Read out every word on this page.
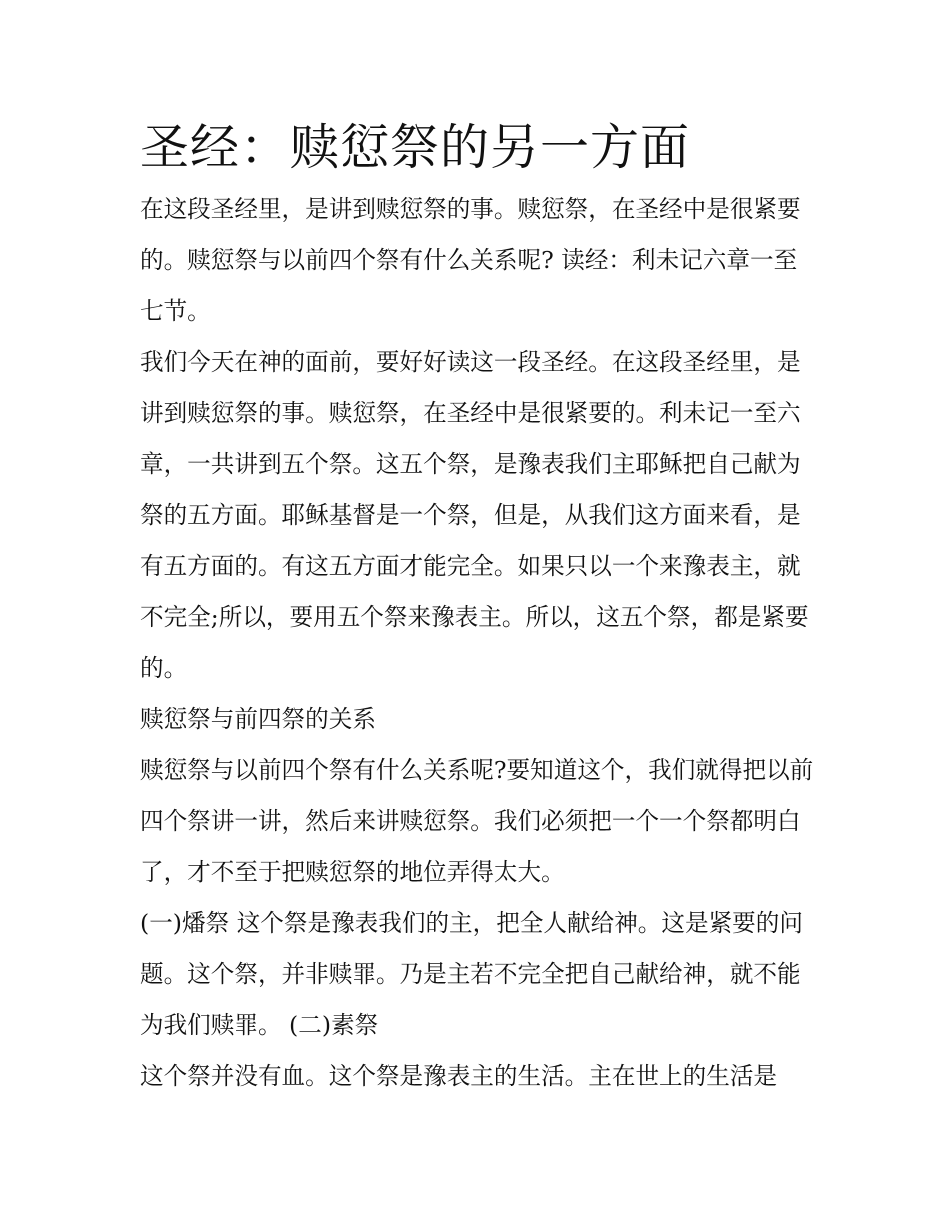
圣经：赎愆祭的另一方面

在这段圣经里，是讲到赎愆祭的事。赎愆祭，在圣经中是很紧要的。赎愆祭与以前四个祭有什么关系呢? 读经：利未记六章一至七节。

我们今天在神的面前，要好好读这一段圣经。在这段圣经里，是讲到赎愆祭的事。赎愆祭，在圣经中是很紧要的。利未记一至六章，一共讲到五个祭。这五个祭，是豫表我们主耶稣把自己献为祭的五方面。耶稣基督是一个祭，但是，从我们这方面来看，是有五方面的。有这五方面才能完全。如果只以一个来豫表主，就不完全;所以，要用五个祭来豫表主。所以，这五个祭，都是紧要的。

赎愆祭与前四祭的关系

赎愆祭与以前四个祭有什么关系呢?要知道这个，我们就得把以前四个祭讲一讲，然后来讲赎愆祭。我们必须把一个一个祭都明白了，才不至于把赎愆祭的地位弄得太大。

(一)燔祭 这个祭是豫表我们的主，把全人献给神。这是紧要的问题。这个祭，并非赎罪。乃是主若不完全把自己献给神，就不能为我们赎罪。 (二)素祭

这个祭并没有血。这个祭是豫表主的生活。主在世上的生活是
